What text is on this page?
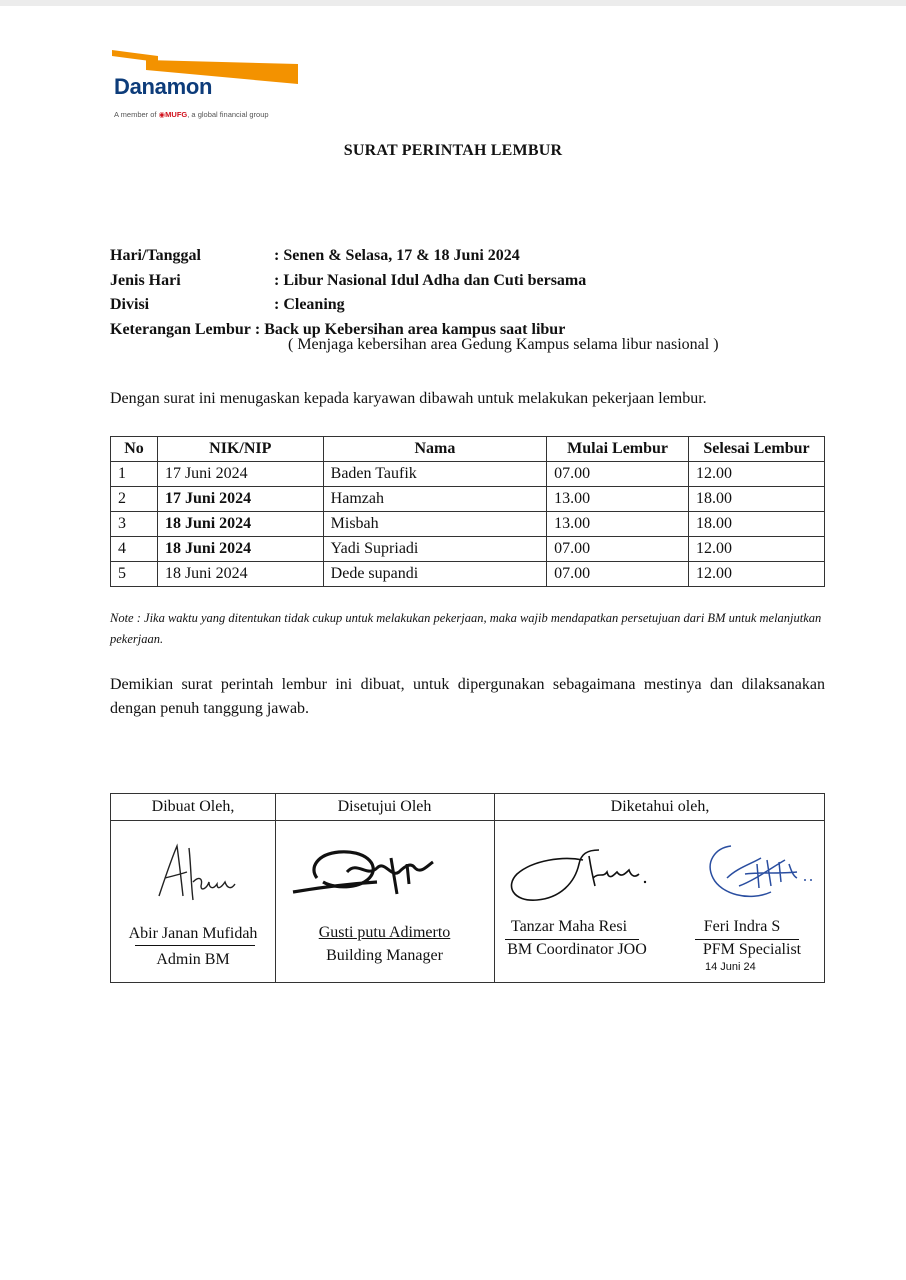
Danamon
A member of ◉MUFG, a global financial group
SURAT PERINTAH LEMBUR
Hari/Tanggal	: Senen & Selasa, 17 & 18 Juni 2024
Jenis Hari	: Libur Nasional Idul Adha dan Cuti bersama
Divisi	: Cleaning
Keterangan Lembur : Back up Kebersihan area kampus saat libur
( Menjaga kebersihan area Gedung Kampus selama libur nasional )
Dengan surat ini menugaskan kepada karyawan dibawah untuk melakukan pekerjaan lembur.
No	NIK/NIP	Nama	Mulai Lembur	Selesai Lembur
1	17 Juni 2024	Baden Taufik	07.00	12.00
2	17 Juni 2024	Hamzah	13.00	18.00
3	18 Juni 2024	Misbah	13.00	18.00
4	18 Juni 2024	Yadi Supriadi	07.00	12.00
5	18 Juni 2024	Dede supandi	07.00	12.00
Note : Jika waktu yang ditentukan tidak cukup untuk melakukan pekerjaan, maka wajib mendapatkan persetujuan dari BM untuk melanjutkan pekerjaan.
Demikian surat perintah lembur ini dibuat, untuk dipergunakan sebagaimana mestinya dan dilaksanakan dengan penuh tanggung jawab.
Dibuat Oleh,	Disetujui Oleh	Diketahui oleh,
Abir Janan Mufidah
Admin BM
Gusti putu Adimerto
Building Manager
Tanzar Maha Resi
BM Coordinator JOO
Feri Indra S
PFM Specialist
14 Juni 24
